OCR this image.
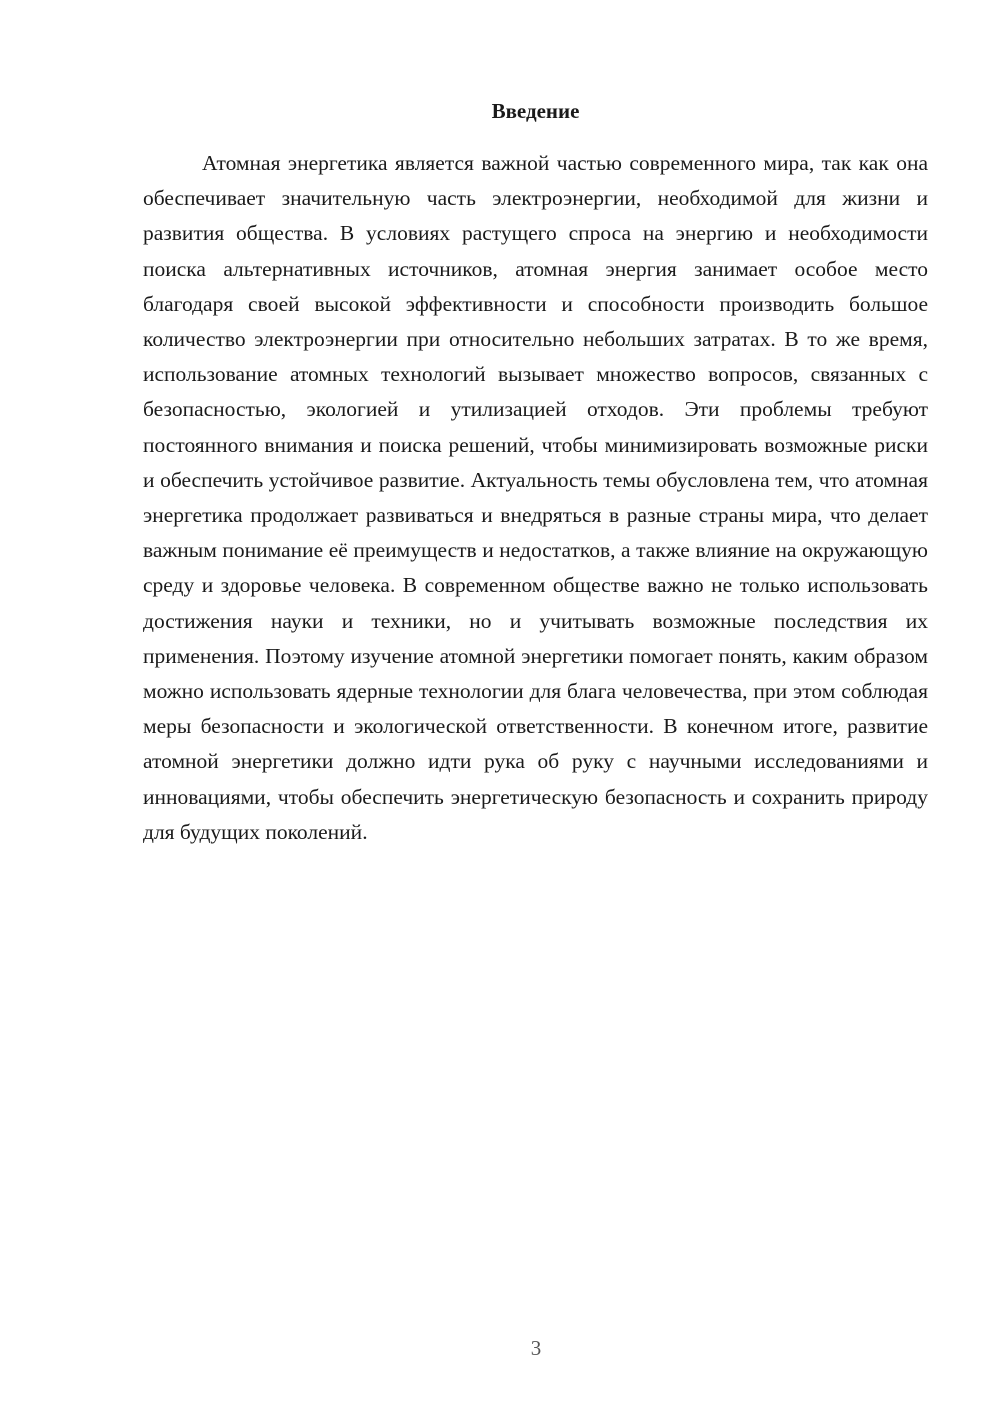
Введение

Атомная энергетика является важной частью современного мира, так как она обеспечивает значительную часть электроэнергии, необходимой для жизни и развития общества. В условиях растущего спроса на энергию и необходимости поиска альтернативных источников, атомная энергия занимает особое место благодаря своей высокой эффективности и способности производить большое количество электроэнергии при относительно небольших затратах. В то же время, использование атомных технологий вызывает множество вопросов, связанных с безопасностью, экологией и утилизацией отходов. Эти проблемы требуют постоянного внимания и поиска решений, чтобы минимизировать возможные риски и обеспечить устойчивое развитие. Актуальность темы обусловлена тем, что атомная энергетика продолжает развиваться и внедряться в разные страны мира, что делает важным понимание её преимуществ и недостатков, а также влияние на окружающую среду и здоровье человека. В современном обществе важно не только использовать достижения науки и техники, но и учитывать возможные последствия их применения. Поэтому изучение атомной энергетики помогает понять, каким образом можно использовать ядерные технологии для блага человечества, при этом соблюдая меры безопасности и экологической ответственности. В конечном итоге, развитие атомной энергетики должно идти рука об руку с научными исследованиями и инновациями, чтобы обеспечить энергетическую безопасность и сохранить природу для будущих поколений.

3
